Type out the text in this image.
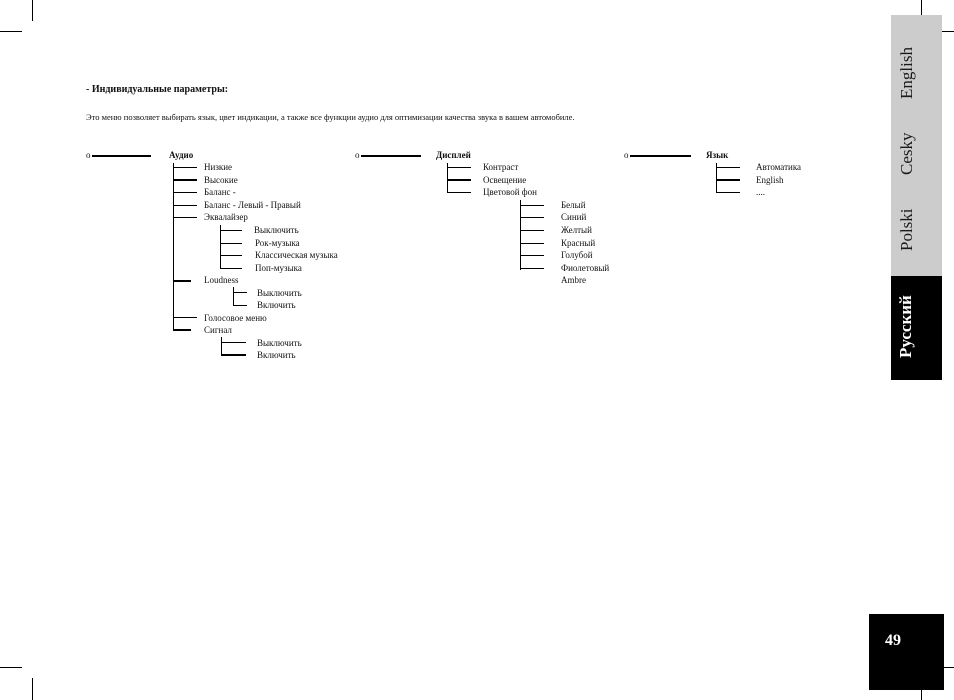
- Индивидуальные параметры:
Это меню позволяет выбирать язык, цвет индикации, а также все функции аудио для оптимизации качества звука в вашем автомобиле.
o	Аудио
Низкие
Высокие
Баланс -
Баланс - Левый - Правый
Эквалайзер
Выключить
Рок-музыка
Классическая музыка
Поп-музыка
Loudness
Выключить
Включить
Голосовое меню
Сигнал
Выключить
Включить
o	Дисплей
Контраст
Освещение
Цветовой фон
Белый
Синий
Желтый
Красный
Голубой
Фиолетовый
Ambre
o	Язык
Автоматика
English
....
English
Cesky
Polski
Русский
49
